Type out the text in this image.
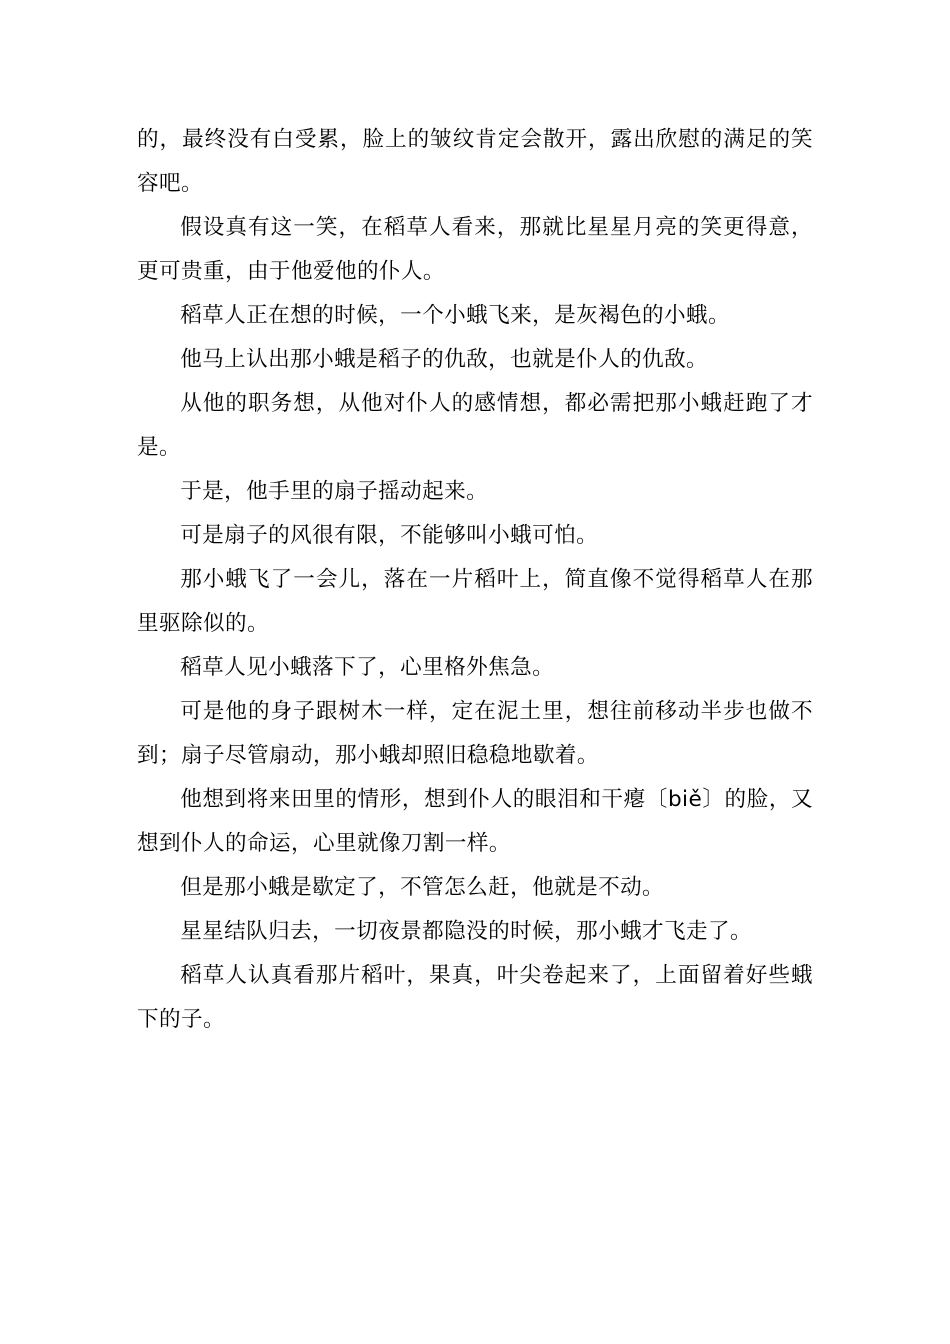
的，最终没有白受累，脸上的皱纹肯定会散开，露出欣慰的满足的笑容吧。

假设真有这一笑，在稻草人看来，那就比星星月亮的笑更得意，更可贵重，由于他爱他的仆人。

稻草人正在想的时候，一个小蛾飞来，是灰褐色的小蛾。

他马上认出那小蛾是稻子的仇敌，也就是仆人的仇敌。

从他的职务想，从他对仆人的感情想，都必需把那小蛾赶跑了才是。

于是，他手里的扇子摇动起来。

可是扇子的风很有限，不能够叫小蛾可怕。

那小蛾飞了一会儿，落在一片稻叶上，简直像不觉得稻草人在那里驱除似的。

稻草人见小蛾落下了，心里格外焦急。

可是他的身子跟树木一样，定在泥土里，想往前移动半步也做不到；扇子尽管扇动，那小蛾却照旧稳稳地歇着。

他想到将来田里的情形，想到仆人的眼泪和干瘪〔biě〕的脸，又想到仆人的命运，心里就像刀割一样。

但是那小蛾是歇定了，不管怎么赶，他就是不动。

星星结队归去，一切夜景都隐没的时候，那小蛾才飞走了。

稻草人认真看那片稻叶，果真，叶尖卷起来了，上面留着好些蛾下的子。
